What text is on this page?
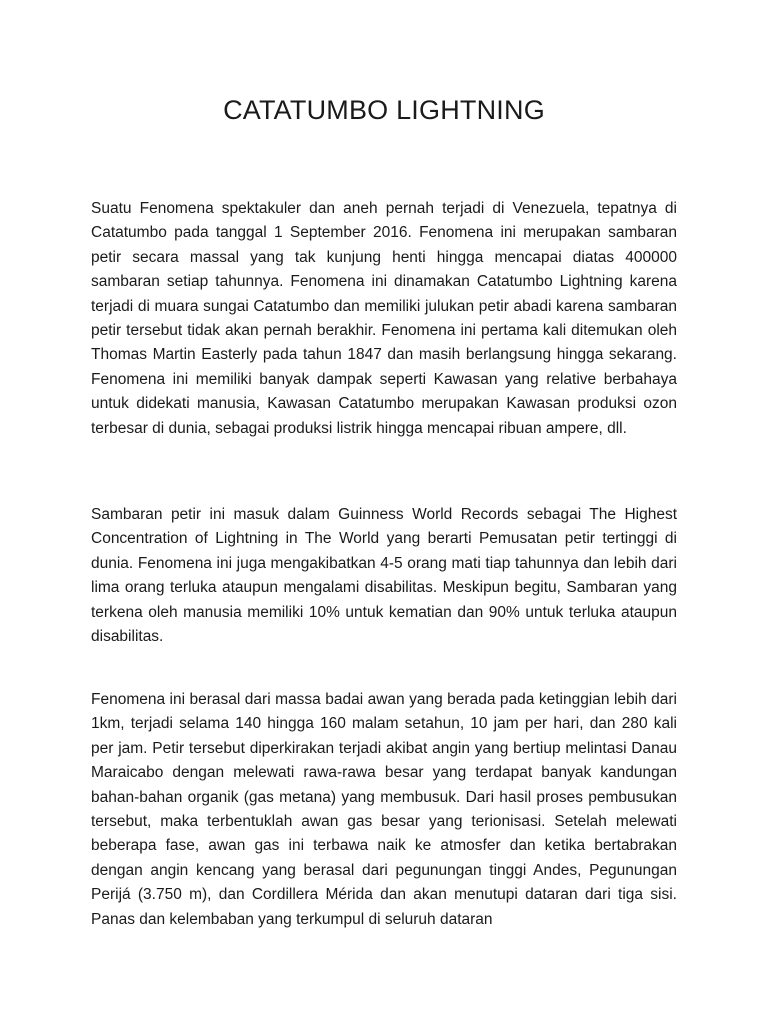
CATATUMBO LIGHTNING

Suatu Fenomena spektakuler dan aneh pernah terjadi di Venezuela, tepatnya di Catatumbo pada tanggal 1 September 2016. Fenomena ini merupakan sambaran petir secara massal yang tak kunjung henti hingga mencapai diatas 400000 sambaran setiap tahunnya. Fenomena ini dinamakan Catatumbo Lightning karena terjadi di muara sungai Catatumbo dan memiliki julukan petir abadi karena sambaran petir tersebut tidak akan pernah berakhir. Fenomena ini pertama kali ditemukan oleh Thomas Martin Easterly pada tahun 1847 dan masih berlangsung hingga sekarang. Fenomena ini memiliki banyak dampak seperti Kawasan yang relative berbahaya untuk didekati manusia, Kawasan Catatumbo merupakan Kawasan produksi ozon terbesar di dunia, sebagai produksi listrik hingga mencapai ribuan ampere, dll.

Sambaran petir ini masuk dalam Guinness World Records sebagai The Highest Concentration of Lightning in The World yang berarti Pemusatan petir tertinggi di dunia. Fenomena ini juga mengakibatkan 4-5 orang mati tiap tahunnya dan lebih dari lima orang terluka ataupun mengalami disabilitas. Meskipun begitu, Sambaran yang terkena oleh manusia memiliki 10% untuk kematian dan 90% untuk terluka ataupun disabilitas.

Fenomena ini berasal dari massa badai awan yang berada pada ketinggian lebih dari 1km, terjadi selama 140 hingga 160 malam setahun, 10 jam per hari, dan 280 kali per jam. Petir tersebut diperkirakan terjadi akibat angin yang bertiup melintasi Danau Maraicabo dengan melewati rawa-rawa besar yang terdapat banyak kandungan bahan-bahan organik (gas metana) yang membusuk. Dari hasil proses pembusukan tersebut, maka terbentuklah awan gas besar yang terionisasi. Setelah melewati beberapa fase, awan gas ini terbawa naik ke atmosfer dan ketika bertabrakan dengan angin kencang yang berasal dari pegunungan tinggi Andes, Pegunungan Perijá (3.750 m), dan Cordillera Mérida dan akan menutupi dataran dari tiga sisi. Panas dan kelembaban yang terkumpul di seluruh dataran
